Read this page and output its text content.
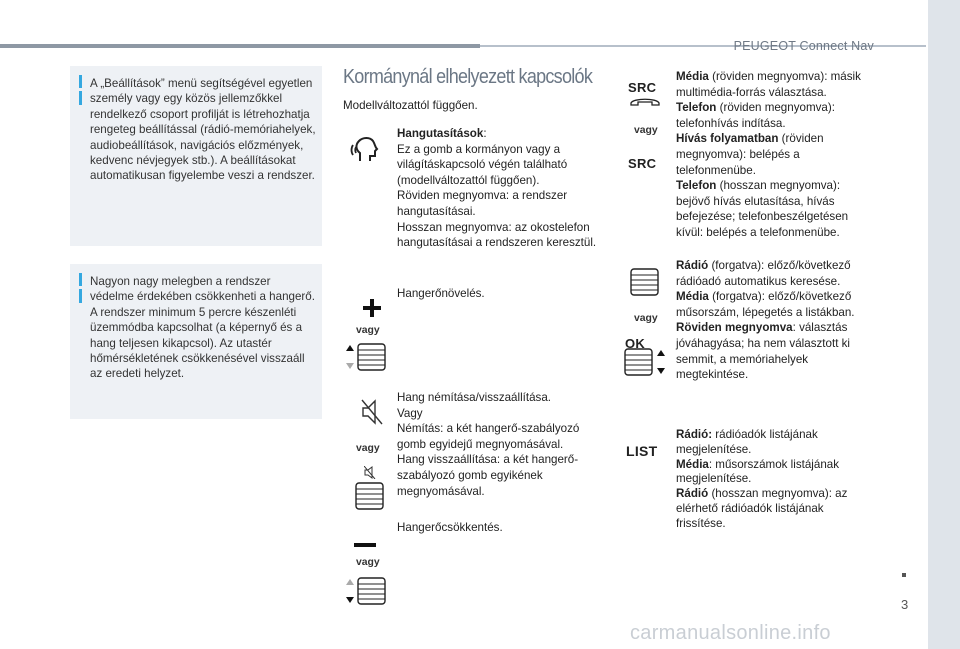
PEUGEOT Connect Nav
A „Beállítások” menü segítségével egyetlen személy vagy egy közös jellemzőkkel rendelkező csoport profilját is létrehozhatja rengeteg beállítással (rádió-memóriahelyek, audiobeállítások, navigációs előzmények, kedvenc névjegyek stb.). A beállításokat automatikusan figyelembe veszi a rendszer.
Nagyon nagy melegben a rendszer védelme érdekében csökkenheti a hangerő. A rendszer minimum 5 percre készenléti üzemmódba kapcsolhat (a képernyő és a hang teljesen kikapcsol). Az utastér hőmérsékletének csökkenésével visszaáll az eredeti helyzet.
Kormánynál elhelyezett kapcsolók
Modellváltozattól függően.
vagy
vagy
vagy
Hangutasítások:
Ez a gomb a kormányon vagy a világításkapcsoló végén található (modellváltozattól függően).
Röviden megnyomva: a rendszer hangutasításai.
Hosszan megnyomva: az okostelefon hangutasításai a rendszeren keresztül.
Hangerőnövelés.
Hang némítása/visszaállítása.
Vagy
Némítás: a két hangerő-szabályozó gomb egyidejű megnyomásával.
Hang visszaállítása: a két hangerő-szabályozó gomb egyikének megnyomásával.
Hangerőcsökkentés.
SRC
vagy
SRC
vagy
OK
LIST
Média (röviden megnyomva): másik multimédia-forrás választása.
Telefon (röviden megnyomva): telefonhívás indítása.
Hívás folyamatban (röviden megnyomva): belépés a telefonmenübe.
Telefon (hosszan megnyomva): bejövő hívás elutasítása, hívás befejezése; telefonbeszélgetésen kívül: belépés a telefonmenübe.
Rádió (forgatva): előző/következő rádióadó automatikus keresése.
Média (forgatva): előző/következő műsorszám, lépegetés a listákban.
Röviden megnyomva: választás jóváhagyása; ha nem választott ki semmit, a memóriahelyek megtekintése.
Rádió: rádióadók listájának megjelenítése.
Média: műsorszámok listájának megjelenítése.
Rádió (hosszan megnyomva): az elérhető rádióadók listájának frissítése.
3
carmanualsonline.info
